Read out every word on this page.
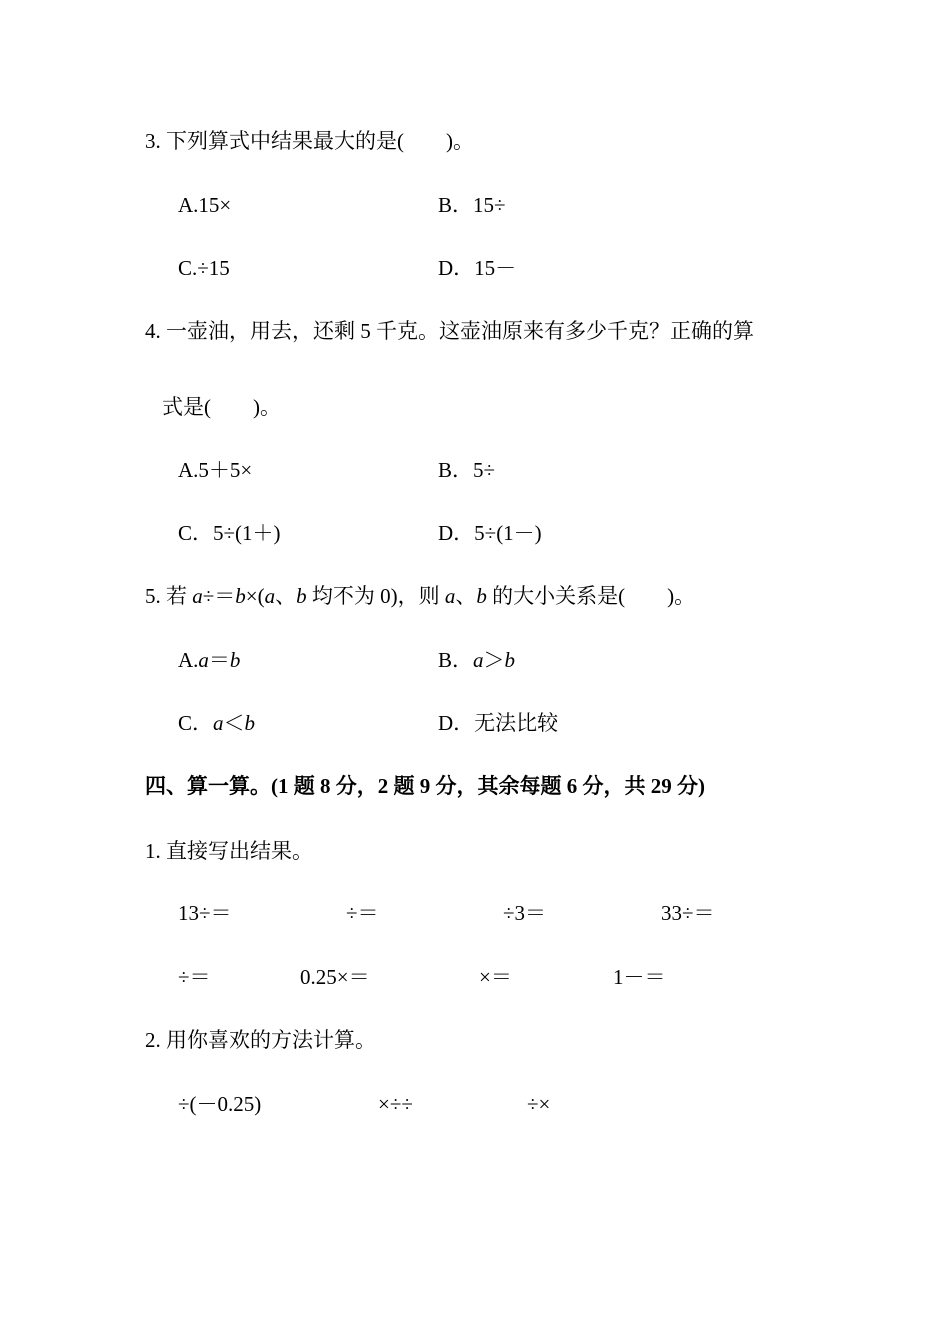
3. 下列算式中结果最大的是(　　)。
A.15×	B．15÷
C.÷15	D．15－
4. 一壶油，用去，还剩 5 千克。这壶油原来有多少千克？正确的算
式是(　　)。
A.5＋5×	B．5÷
C．5÷(1＋)	D．5÷(1－)
5. 若 a÷＝b×(a、b 均不为 0)，则 a、b 的大小关系是(　　)。
A.a＝b	B．a＞b
C．a＜b	D．无法比较
四、算一算。(1 题 8 分，2 题 9 分，其余每题 6 分，共 29 分)
1. 直接写出结果。
13÷＝	÷＝	÷3＝	33÷＝
÷＝	0.25×＝	×＝	1－＝
2. 用你喜欢的方法计算。
÷(－0.25)	×÷÷	÷×
